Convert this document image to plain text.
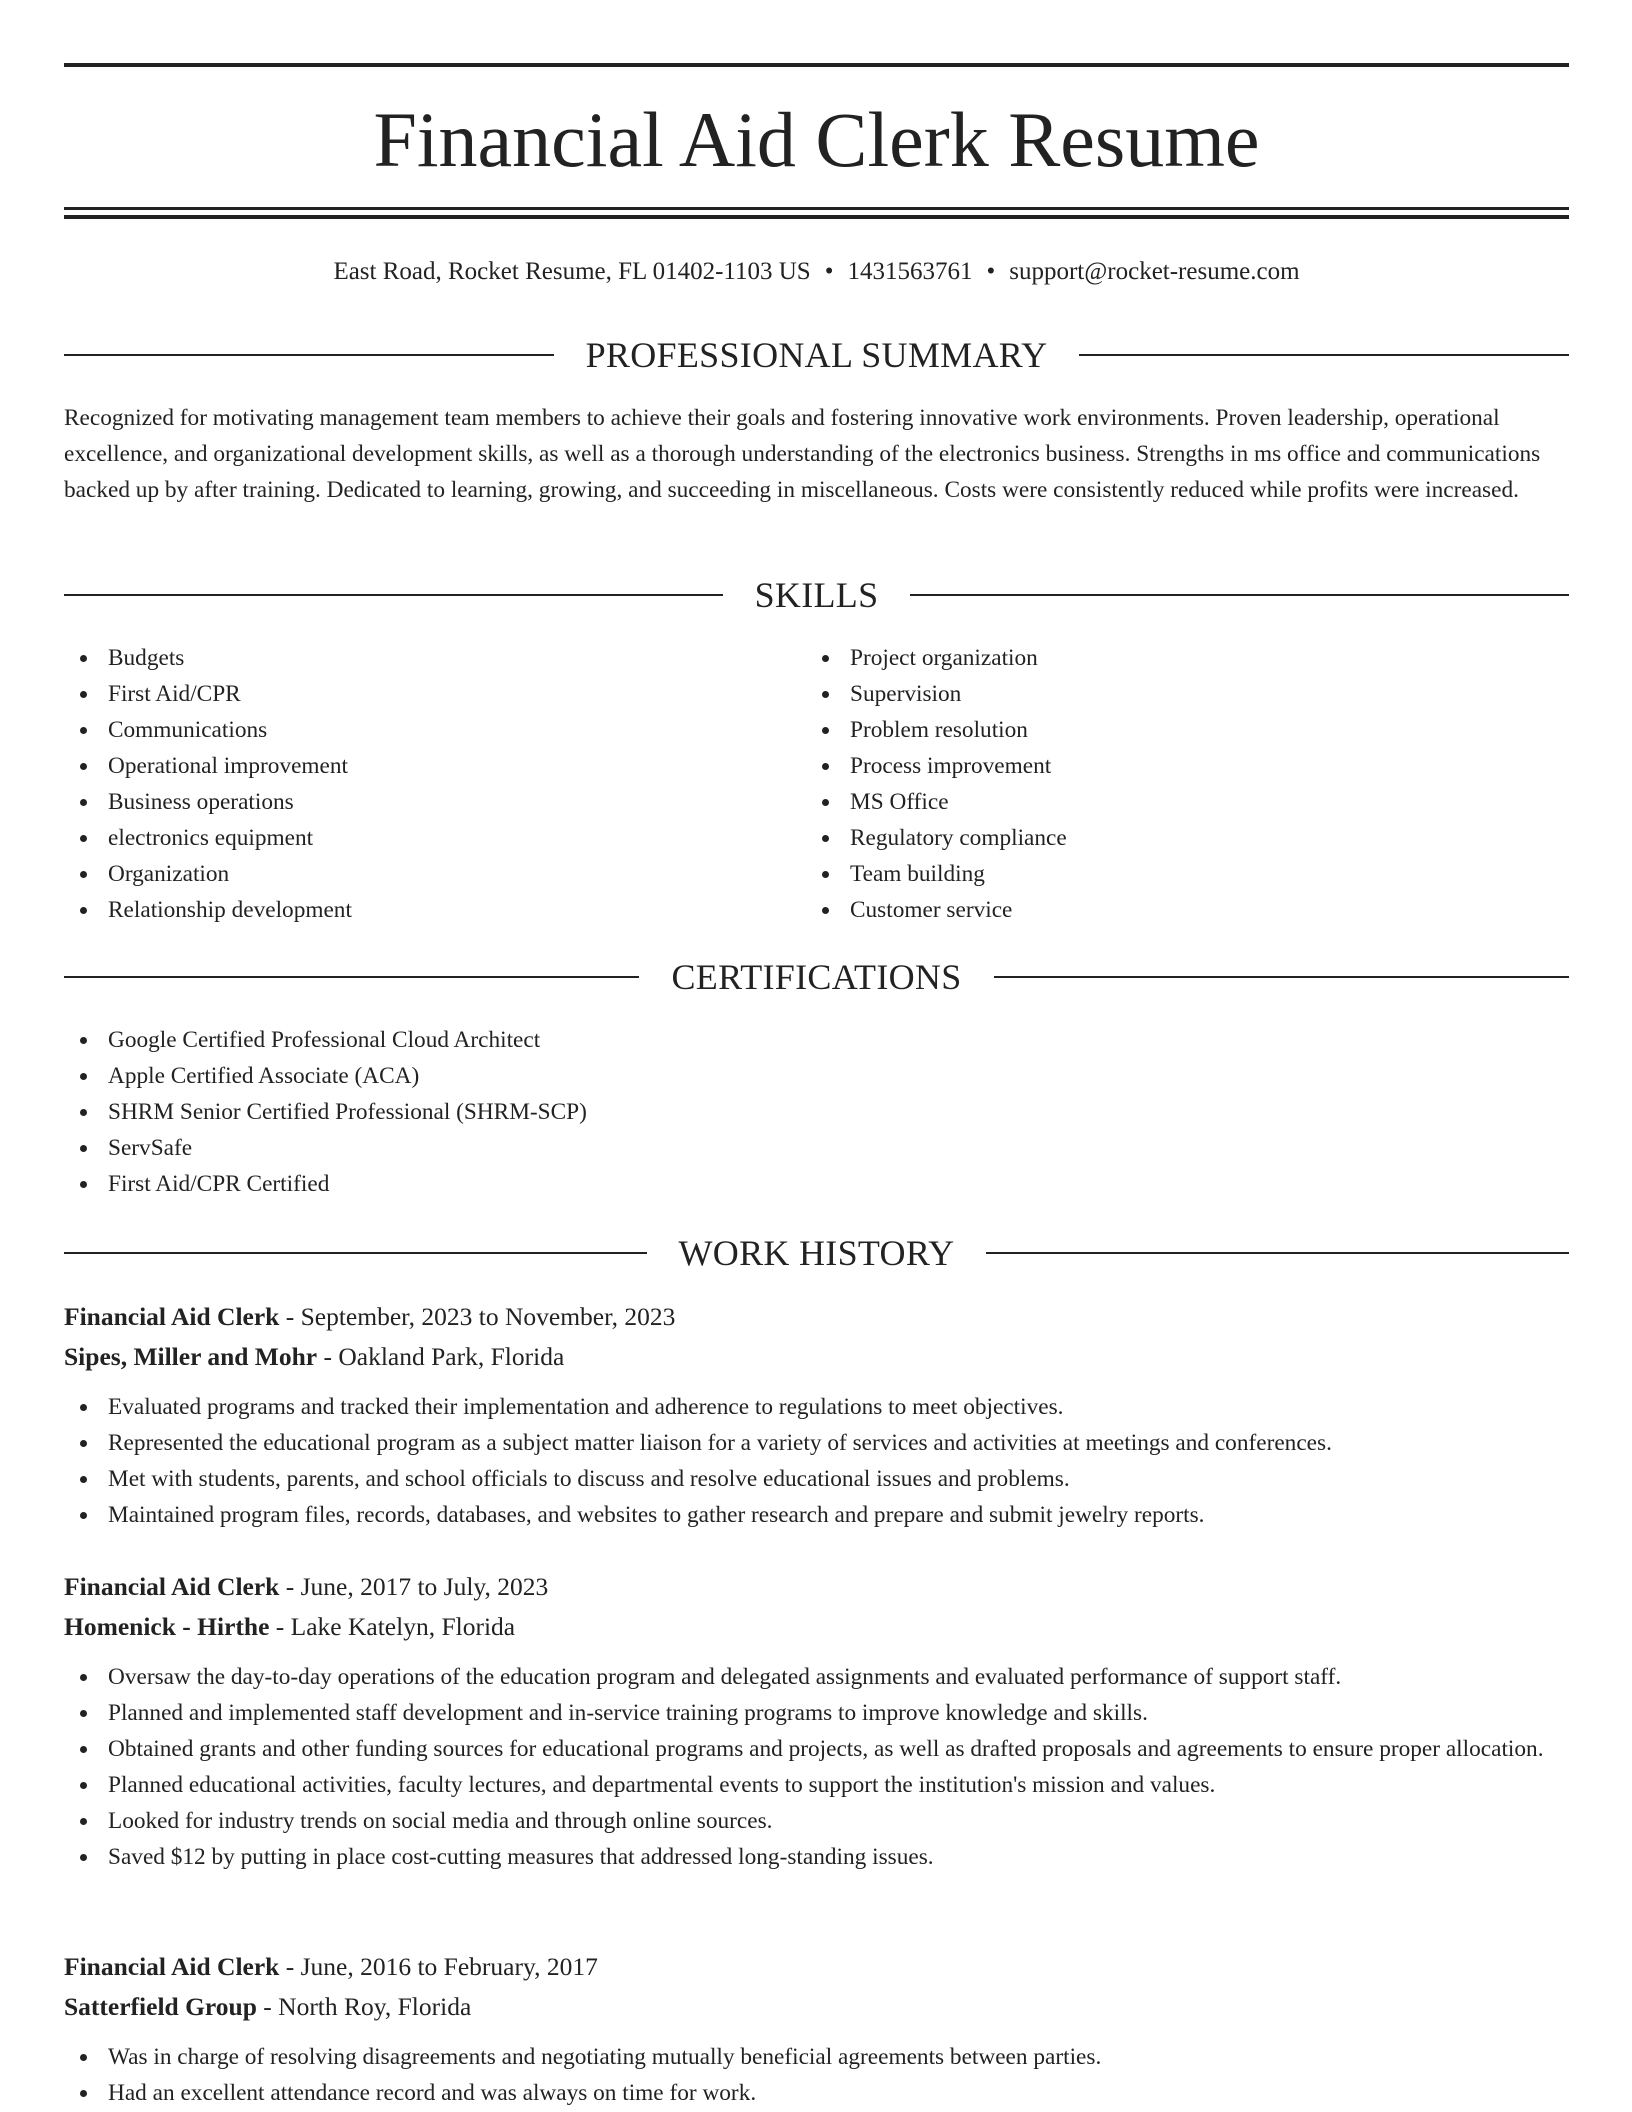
Financial Aid Clerk Resume
East Road, Rocket Resume, FL 01402-1103 US • 1431563761 • support@rocket-resume.com
PROFESSIONAL SUMMARY

Recognized for motivating management team members to achieve their goals and fostering innovative work environments. Proven leadership, operational excellence, and organizational development skills, as well as a thorough understanding of the electronics business. Strengths in ms office and communications backed up by after training. Dedicated to learning, growing, and succeeding in miscellaneous. Costs were consistently reduced while profits were increased.

SKILLS
Budgets
First Aid/CPR
Communications
Operational improvement
Business operations
electronics equipment
Organization
Relationship development
Project organization
Supervision
Problem resolution
Process improvement
MS Office
Regulatory compliance
Team building
Customer service
CERTIFICATIONS
Google Certified Professional Cloud Architect
Apple Certified Associate (ACA)
SHRM Senior Certified Professional (SHRM-SCP)
ServSafe
First Aid/CPR Certified
WORK HISTORY
Financial Aid Clerk - September, 2023 to November, 2023
Sipes, Miller and Mohr - Oakland Park, Florida
Evaluated programs and tracked their implementation and adherence to regulations to meet objectives.
Represented the educational program as a subject matter liaison for a variety of services and activities at meetings and conferences.
Met with students, parents, and school officials to discuss and resolve educational issues and problems.
Maintained program files, records, databases, and websites to gather research and prepare and submit jewelry reports.
Financial Aid Clerk - June, 2017 to July, 2023
Homenick - Hirthe - Lake Katelyn, Florida
Oversaw the day-to-day operations of the education program and delegated assignments and evaluated performance of support staff.
Planned and implemented staff development and in-service training programs to improve knowledge and skills.
Obtained grants and other funding sources for educational programs and projects, as well as drafted proposals and agreements to ensure proper allocation.
Planned educational activities, faculty lectures, and departmental events to support the institution's mission and values.
Looked for industry trends on social media and through online sources.
Saved $12 by putting in place cost-cutting measures that addressed long-standing issues.
Financial Aid Clerk - June, 2016 to February, 2017
Satterfield Group - North Roy, Florida
Was in charge of resolving disagreements and negotiating mutually beneficial agreements between parties.
Had an excellent attendance record and was always on time for work.
